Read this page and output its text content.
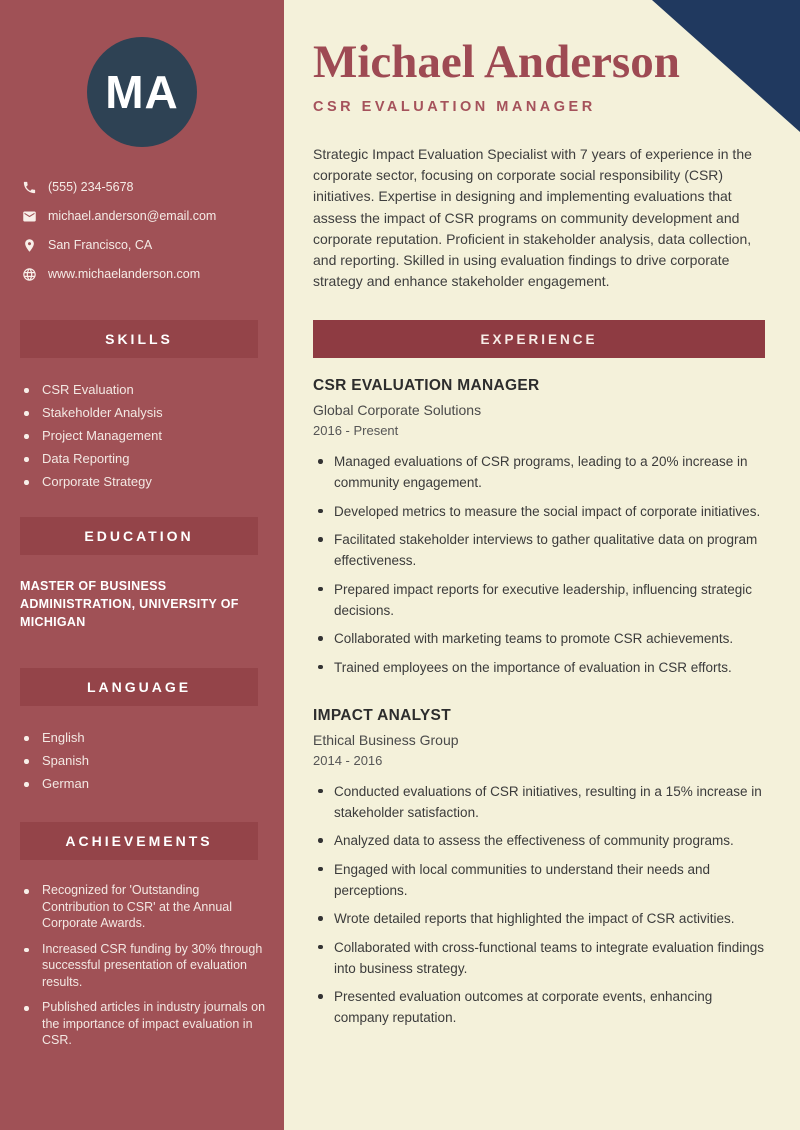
MA
(555) 234-5678
michael.anderson@email.com
San Francisco, CA
www.michaelanderson.com
SKILLS
CSR Evaluation
Stakeholder Analysis
Project Management
Data Reporting
Corporate Strategy
EDUCATION
MASTER OF BUSINESS ADMINISTRATION, UNIVERSITY OF MICHIGAN
LANGUAGE
English
Spanish
German
ACHIEVEMENTS
Recognized for 'Outstanding Contribution to CSR' at the Annual Corporate Awards.
Increased CSR funding by 30% through successful presentation of evaluation results.
Published articles in industry journals on the importance of impact evaluation in CSR.
Michael Anderson
CSR EVALUATION MANAGER

Strategic Impact Evaluation Specialist with 7 years of experience in the corporate sector, focusing on corporate social responsibility (CSR) initiatives. Expertise in designing and implementing evaluations that assess the impact of CSR programs on community development and corporate reputation. Proficient in stakeholder analysis, data collection, and reporting. Skilled in using evaluation findings to drive corporate strategy and enhance stakeholder engagement.

EXPERIENCE
CSR EVALUATION MANAGER
Global Corporate Solutions
2016 - Present
Managed evaluations of CSR programs, leading to a 20% increase in community engagement.
Developed metrics to measure the social impact of corporate initiatives.
Facilitated stakeholder interviews to gather qualitative data on program effectiveness.
Prepared impact reports for executive leadership, influencing strategic decisions.
Collaborated with marketing teams to promote CSR achievements.
Trained employees on the importance of evaluation in CSR efforts.
IMPACT ANALYST
Ethical Business Group
2014 - 2016
Conducted evaluations of CSR initiatives, resulting in a 15% increase in stakeholder satisfaction.
Analyzed data to assess the effectiveness of community programs.
Engaged with local communities to understand their needs and perceptions.
Wrote detailed reports that highlighted the impact of CSR activities.
Collaborated with cross-functional teams to integrate evaluation findings into business strategy.
Presented evaluation outcomes at corporate events, enhancing company reputation.
